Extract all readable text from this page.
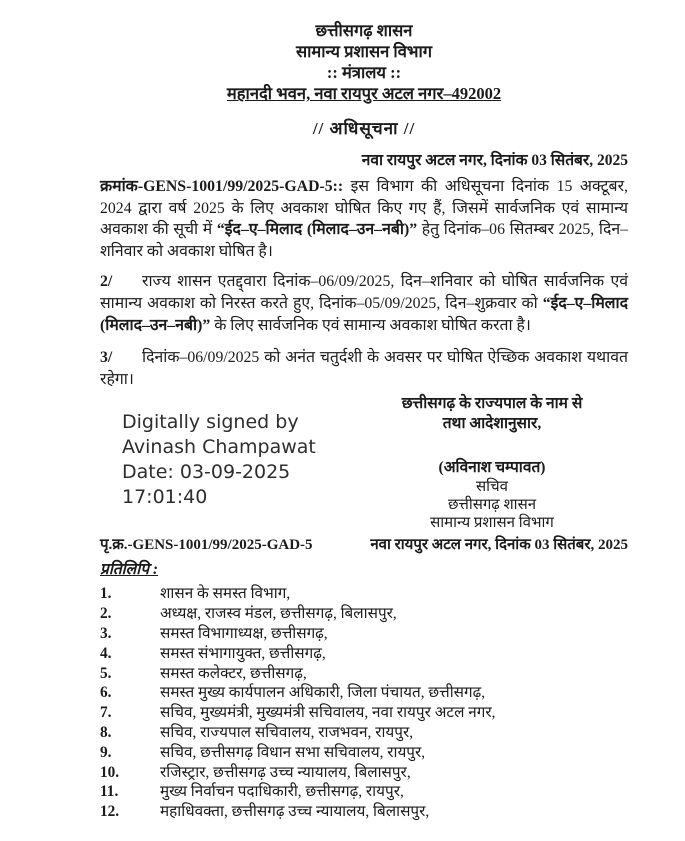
छत्तीसगढ़ शासन
सामान्य प्रशासन विभाग
:: मंत्रालय ::
महानदी भवन, नवा रायपुर अटल नगर–492002
// अधिसूचना //
नवा रायपुर अटल नगर, दिनांक 03 सितंबर, 2025

क्रमांक-GENS-1001/99/2025-GAD-5:: इस विभाग की अधिसूचना दिनांक 15 अक्टूबर, 2024 द्वारा वर्ष 2025 के लिए अवकाश घोषित किए गए हैं, जिसमें सार्वजनिक एवं सामान्य अवकाश की सूची में “ईद–ए–मिलाद (मिलाद–उन–नबी)” हेतु दिनांक–06 सितम्बर 2025, दिन–शनिवार को अवकाश घोषित है।

2/ राज्य शासन एतद्द्वारा दिनांक–06/09/2025, दिन–शनिवार को घोषित सार्वजनिक एवं सामान्य अवकाश को निरस्त करते हुए, दिनांक–05/09/2025, दिन–शुक्रवार को “ईद–ए–मिलाद (मिलाद–उन–नबी)” के लिए सार्वजनिक एवं सामान्य अवकाश घोषित करता है।

3/ दिनांक–06/09/2025 को अनंत चतुर्दशी के अवसर पर घोषित ऐच्छिक अवकाश यथावत रहेगा।

Digitally signed by
Avinash Champawat
Date: 03-09-2025
17:01:40
छत्तीसगढ़ के राज्यपाल के नाम से
तथा आदेशानुसार,
(अविनाश चम्पावत)
सचिव
छत्तीसगढ़ शासन
सामान्य प्रशासन विभाग
पृ.क्र.-GENS-1001/99/2025-GAD-5	नवा रायपुर अटल नगर, दिनांक 03 सितंबर, 2025
प्रतिलिपि :
1.	शासन के समस्त विभाग,
2.	अध्यक्ष, राजस्व मंडल, छत्तीसगढ़, बिलासपुर,
3.	समस्त विभागाध्यक्ष, छत्तीसगढ़,
4.	समस्त संभागायुक्त, छत्तीसगढ़,
5.	समस्त कलेक्टर, छत्तीसगढ़,
6.	समस्त मुख्य कार्यपालन अधिकारी, जिला पंचायत, छत्तीसगढ़,
7.	सचिव, मुख्यमंत्री, मुख्यमंत्री सचिवालय, नवा रायपुर अटल नगर,
8.	सचिव, राज्यपाल सचिवालय, राजभवन, रायपुर,
9.	सचिव, छत्तीसगढ़ विधान सभा सचिवालय, रायपुर,
10.	रजिस्ट्रार, छत्तीसगढ़ उच्च न्यायालय, बिलासपुर,
11.	मुख्य निर्वाचन पदाधिकारी, छत्तीसगढ़, रायपुर,
12.	महाधिवक्ता, छत्तीसगढ़ उच्च न्यायालय, बिलासपुर,
